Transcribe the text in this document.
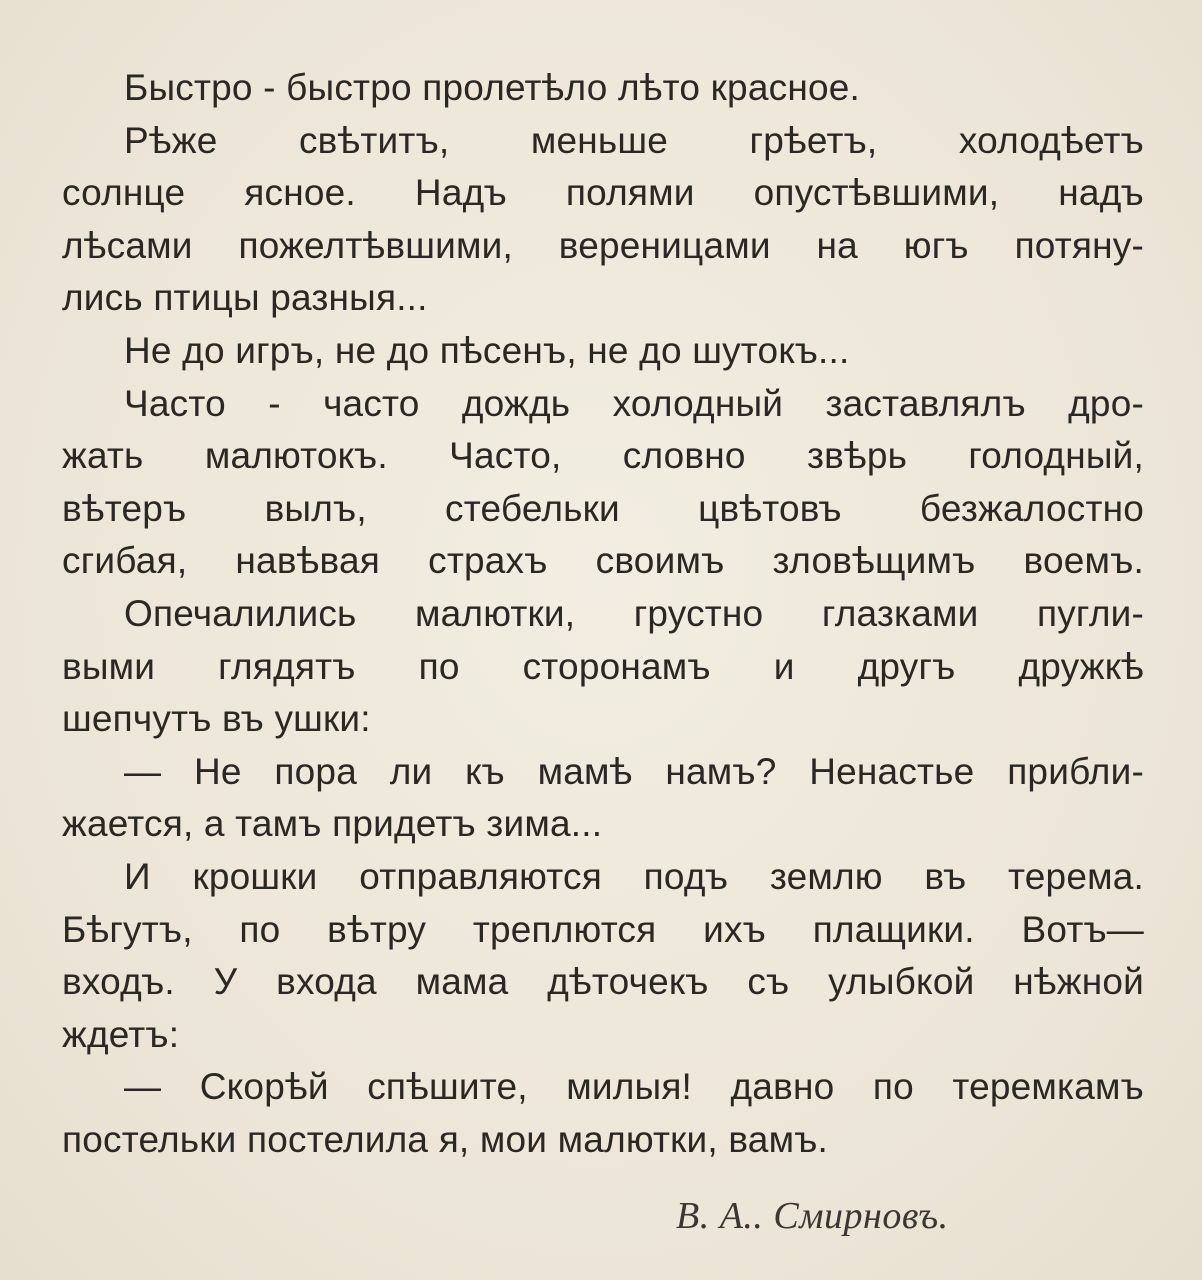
Быстро - быстро пролетѣло лѣто красное.
Рѣже свѣтитъ, меньше грѣетъ, холодѣетъ
солнце ясное. Надъ полями опустѣвшими, надъ
лѣсами пожелтѣвшими, вереницами на югъ потяну-
лись птицы разныя...
Не до игръ, не до пѣсенъ, не до шутокъ...
Часто - часто дождь холодный заставлялъ дро-
жать малютокъ. Часто, словно звѣрь голодный,
вѣтеръ вылъ, стебельки цвѣтовъ безжалостно
сгибая, навѣвая страхъ своимъ зловѣщимъ воемъ.
Опечалились малютки, грустно глазками пугли-
выми глядятъ по сторонамъ и другъ дружкѣ
шепчутъ въ ушки:
— Не пора ли къ мамѣ намъ? Ненастье прибли-
жается, а тамъ придетъ зима...
И крошки отправляются подъ землю въ терема.
Бѣгутъ, по вѣтру треплются ихъ плащики. Вотъ—
входъ. У входа мама дѣточекъ съ улыбкой нѣжной
ждетъ:
— Скорѣй спѣшите, милыя! давно по теремкамъ
постельки постелила я, мои малютки, вамъ.
В. А.. Смирновъ.
